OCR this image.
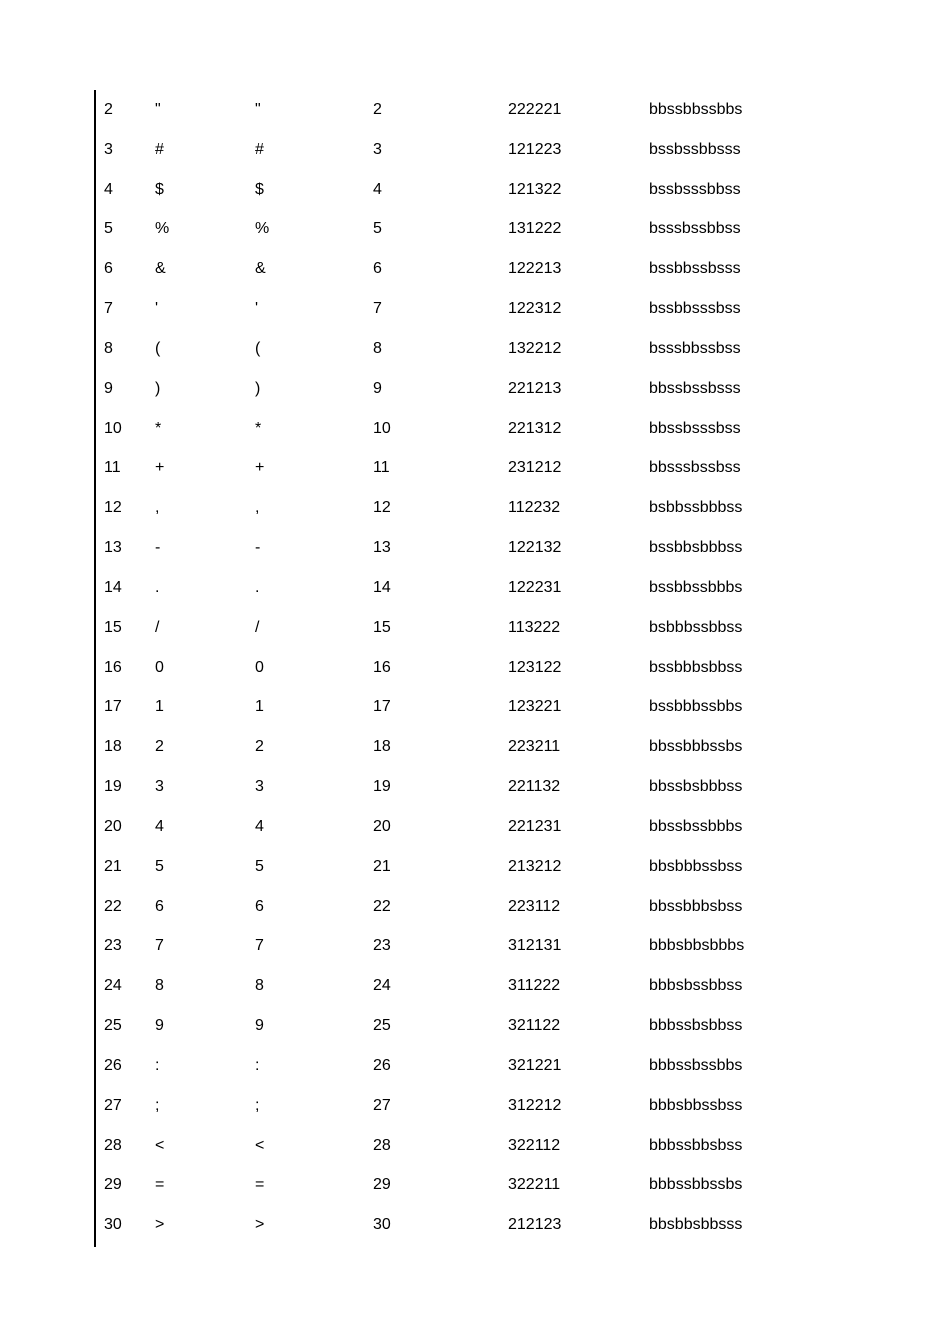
2	"	"	2	222221	bbssbbssbbs
3	#	#	3	121223	bssbssbbsss
4	$	$	4	121322	bssbsssbbss
5	%	%	5	131222	bsssbssbbss
6	&	&	6	122213	bssbbssbsss
7	'	'	7	122312	bssbbsssbss
8	(	(	8	132212	bsssbbssbss
9	)	)	9	221213	bbssbssbsss
10 *	*	10	221312	bbssbsssbss
11 +	+	11	231212	bbsssbssbss
12 ,	,	12	112232	bsbbssbbbss
13 -	-	13	122132	bssbbsbbbss
14 .	.	14	122231	bssbbssbbbs
15 /	/	15	113222	bsbbbssbbss
16 0	0	16	123122	bssbbbsbbss
17 1	1	17	123221	bssbbbssbbs
18 2	2	18	223211	bbssbbbssbs
19 3	3	19	221132	bbssbsbbbss
20 4	4	20	221231	bbssbssbbbs
21 5	5	21	213212	bbsbbbssbss
22 6	6	22	223112	bbssbbbsbss
23 7	7	23	312131	bbbsbbsbbbs
24 8	8	24	311222	bbbsbssbbss
25 9	9	25	321122	bbbssbsbbss
26 :	:	26	321221	bbbssbssbbs
27 ;	;	27	312212	bbbsbbssbss
28 <	<	28	322112	bbbssbbsbss
29 =	=	29	322211	bbbssbbssbs
30 >	>	30	212123	bbsbbsbbsss
